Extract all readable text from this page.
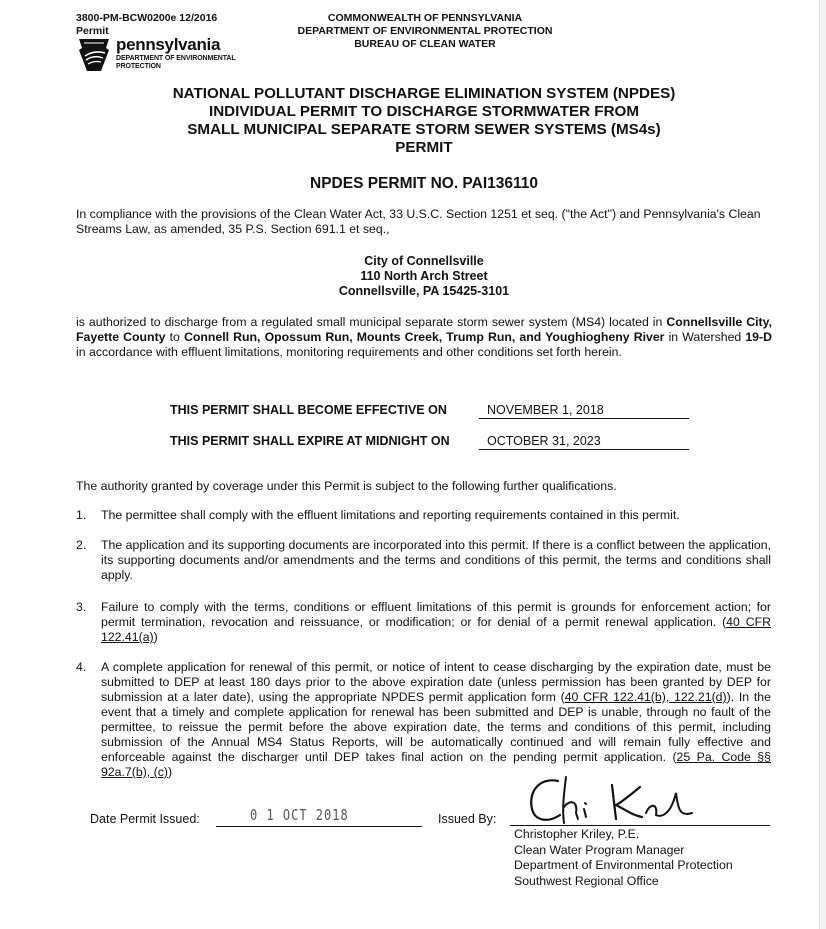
3800-PM-BCW0200e 12/2016
Permit
COMMONWEALTH OF PENNSYLVANIA
DEPARTMENT OF ENVIRONMENTAL PROTECTION
BUREAU OF CLEAN WATER
pennsylvania
DEPARTMENT OF ENVIRONMENTAL
PROTECTION
NATIONAL POLLUTANT DISCHARGE ELIMINATION SYSTEM (NPDES)
INDIVIDUAL PERMIT TO DISCHARGE STORMWATER FROM
SMALL MUNICIPAL SEPARATE STORM SEWER SYSTEMS (MS4s)
PERMIT
NPDES PERMIT NO. PAI136110
In compliance with the provisions of the Clean Water Act, 33 U.S.C. Section 1251 et seq. ("the Act") and Pennsylvania's Clean Streams Law, as amended, 35 P.S. Section 691.1 et seq.,
City of Connellsville
110 North Arch Street
Connellsville, PA 15425-3101
is authorized to discharge from a regulated small municipal separate storm sewer system (MS4) located in Connellsville City, Fayette County to Connell Run, Opossum Run, Mounts Creek, Trump Run, and Youghiogheny River in Watershed 19-D in accordance with effluent limitations, monitoring requirements and other conditions set forth herein.
THIS PERMIT SHALL BECOME EFFECTIVE ON	NOVEMBER 1, 2018
THIS PERMIT SHALL EXPIRE AT MIDNIGHT ON	OCTOBER 31, 2023
The authority granted by coverage under this Permit is subject to the following further qualifications.
1. The permittee shall comply with the effluent limitations and reporting requirements contained in this permit.
2. The application and its supporting documents are incorporated into this permit. If there is a conflict between the application, its supporting documents and/or amendments and the terms and conditions of this permit, the terms and conditions shall apply.
3. Failure to comply with the terms, conditions or effluent limitations of this permit is grounds for enforcement action; for permit termination, revocation and reissuance, or modification; or for denial of a permit renewal application. (40 CFR 122.41(a))
4. A complete application for renewal of this permit, or notice of intent to cease discharging by the expiration date, must be submitted to DEP at least 180 days prior to the above expiration date (unless permission has been granted by DEP for submission at a later date), using the appropriate NPDES permit application form (40 CFR 122.41(b), 122.21(d)). In the event that a timely and complete application for renewal has been submitted and DEP is unable, through no fault of the permittee, to reissue the permit before the above expiration date, the terms and conditions of this permit, including submission of the Annual MS4 Status Reports, will be automatically continued and will remain fully effective and enforceable against the discharger until DEP takes final action on the pending permit application. (25 Pa. Code §§ 92a.7(b), (c))
Date Permit Issued:	0 1 OCT 2018	Issued By:
Christopher Kriley, P.E.
Clean Water Program Manager
Department of Environmental Protection
Southwest Regional Office
